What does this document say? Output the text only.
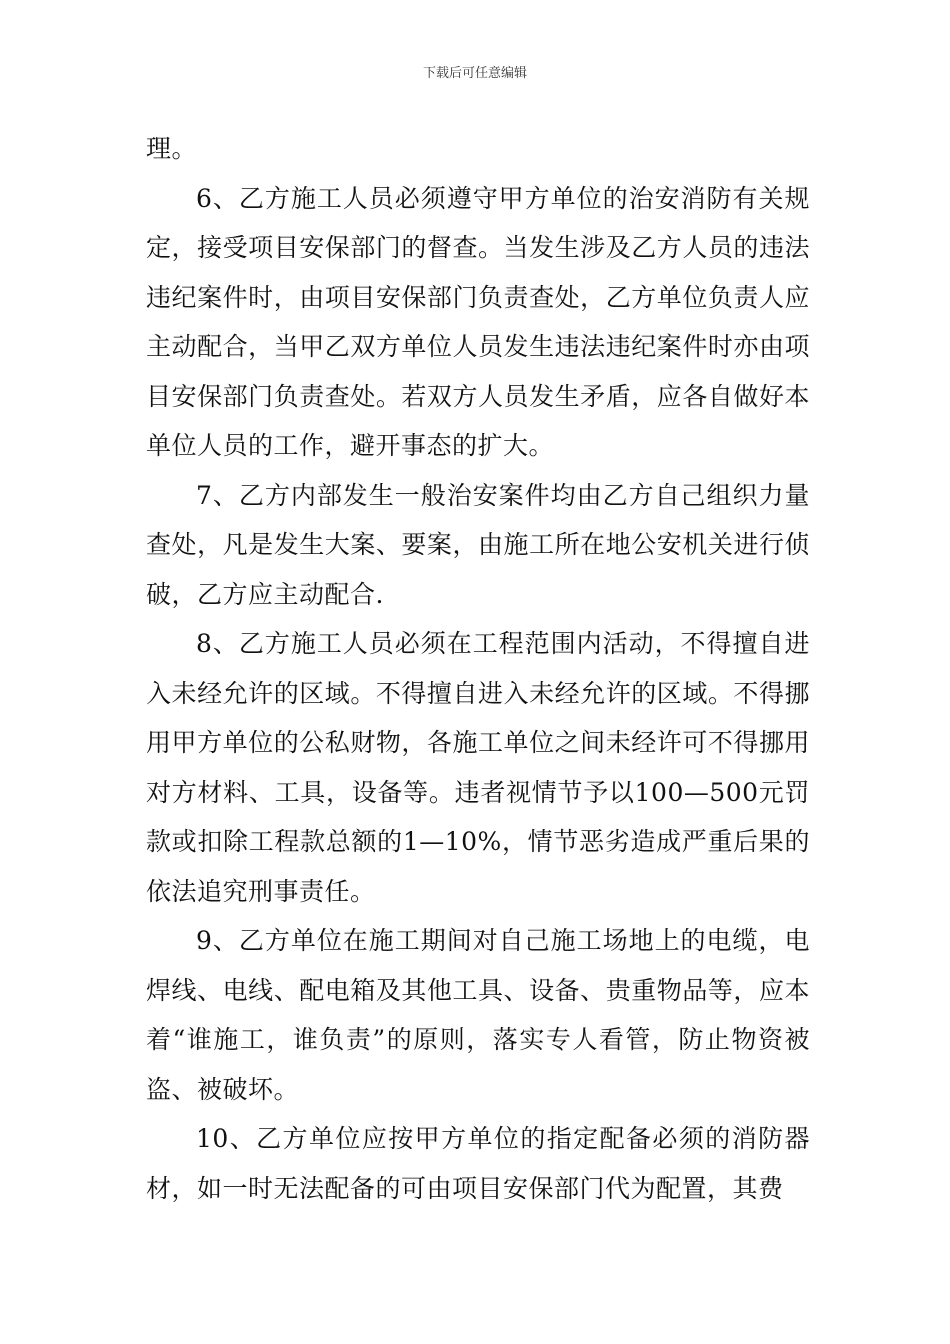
下载后可任意编辑

理。

6、乙方施工人员必须遵守甲方单位的治安消防有关规定，接受项目安保部门的督查。当发生涉及乙方人员的违法违纪案件时，由项目安保部门负责查处，乙方单位负责人应主动配合，当甲乙双方单位人员发生违法违纪案件时亦由项目安保部门负责查处。若双方人员发生矛盾，应各自做好本单位人员的工作，避开事态的扩大。

7、乙方内部发生一般治安案件均由乙方自己组织力量查处，凡是发生大案、要案，由施工所在地公安机关进行侦破，乙方应主动配合.

8、乙方施工人员必须在工程范围内活动，不得擅自进入未经允许的区域。不得擅自进入未经允许的区域。不得挪用甲方单位的公私财物，各施工单位之间未经许可不得挪用对方材料、工具，设备等。违者视情节予以100—500元罚款或扣除工程款总额的1—10%，情节恶劣造成严重后果的依法追究刑事责任。

9、乙方单位在施工期间对自己施工场地上的电缆，电焊线、电线、配电箱及其他工具、设备、贵重物品等，应本着“谁施工，谁负责”的原则，落实专人看管，防止物资被盗、被破坏。

10、乙方单位应按甲方单位的指定配备必须的消防器材，如一时无法配备的可由项目安保部门代为配置，其费
